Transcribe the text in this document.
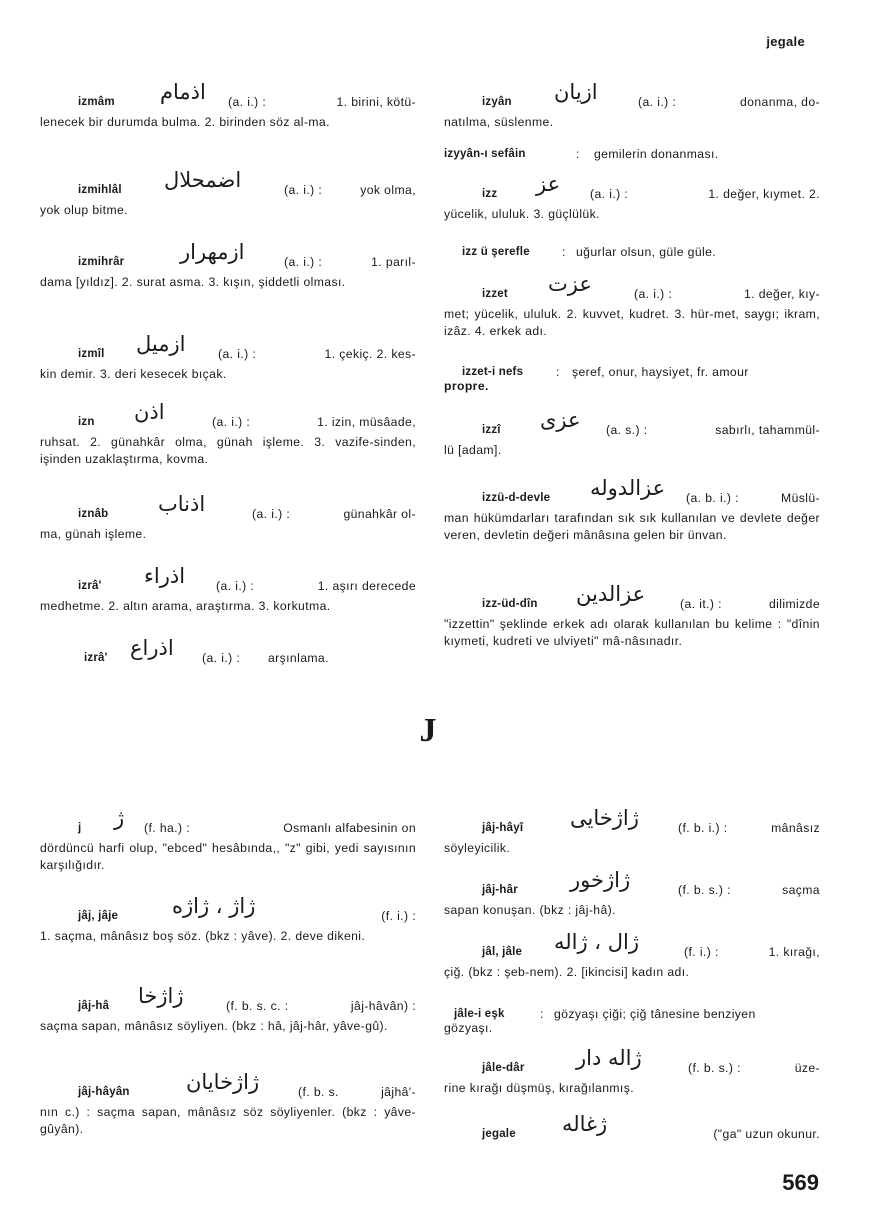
jegale
izmâm اذمام (a. i.) :	1. birini, kötü-
lenecek bir durumda bulma. 2. birinden söz al-ma.
izmihlâl اضمحلال	(a. i.) :	yok olma,
yok olup bitme.
izmihrâr	ازمهرار	(a. i.) :	1. parıl-
dama [yıldız]. 2. surat asma. 3. kışın, şiddetli olması.
izmîl ازميل	(a. i.) :	1. çekiç. 2. kes-
kin demir. 3. deri kesecek bıçak.
izn اذن	(a. i.) :	1. izin, müsâade,
ruhsat. 2. günahkâr olma, günah işleme. 3. vazife-sinden, işinden uzaklaştırma, kovma.
iznâb اذناب	(a. i.) :	günahkâr ol-
ma, günah işleme.
izrâ' اذراء	(a. i.) :	1. aşırı derecede
medhetme. 2. altın arama, araştırma. 3. korkutma.
izrâ' اذراع (a. i.) : arşınlama.
izyân ازيان	(a. i.) :	donanma, do-
natılma, süslenme.
izyyân-ı sefâin	: gemilerin donanması.
izz عز (a. i.) :	1. değer, kıymet. 2.
yücelik, ululuk. 3. güçlülük.
izz ü şerefle	: uğurlar olsun, güle güle.
izzet عزت	(a. i.) :	1. değer, kıy-
met; yücelik, ululuk. 2. kuvvet, kudret. 3. hür-met, saygı; ikram, izâz. 4. erkek adı.
izzet-i nefs	: şeref, onur, haysiyet, fr. amour
propre.
izzî عزى (a. s.) :	sabırlı, tahammül-
lü [adam].
izzü-d-devle عزالدوله (a. b. i.) :	Müslü-
man hükümdarları tarafından sık sık kullanılan ve devlete değer veren, devletin değeri mânâsına gelen bir ünvan.
izz-üd-dîn عزالدين	(a. it.) :	dilimizde
"izzettin" şeklinde erkek adı olarak kullanılan bu kelime : "dînin kıymeti, kudreti ve ulviyeti" mâ-nâsınadır.
J
j ژ (f. ha.) :	Osmanlı alfabesinin on
dördüncü harfi olup, "ebced" hesâbında,, "z" gibi, yedi sayısının karşılığıdır.
jâj, jâje	ژاژ ، ژاژه	(f. i.) :
1. saçma, mânâsız boş söz. (bkz : yâve). 2. deve dikeni.
jâj-hâ ژاژخا	(f. b. s. c. :	jâj-hâvân) :
saçma sapan, mânâsız söyliyen. (bkz : hâ, jâj-hâr, yâve-gû).
jâj-hâyân	ژاژخايان	(f. b. s.	jâjhâ'-
nın c.) : saçma sapan, mânâsız söz söyliyenler. (bkz : yâve-gûyân).
jâj-hâyî ژاژخايى	(f. b. i.) :	mânâsız
söyleyicilik.
jâj-hâr ژاژخور	(f. b. s.) :	saçma
sapan konuşan. (bkz : jâj-hâ).
jâl, jâle ژال ، ژاله	(f. i.) :	1. kırağı,
çiğ. (bkz : şeb-nem). 2. [ikincisi] kadın adı.
jâle-i eşk	: gözyaşı çiği; çiğ tânesine benziyen
gözyaşı.
jâle-dâr ژاله دار	(f. b. s.) :	üze-
rine kırağı düşmüş, kırağılanmış.
jegale ژغاله	("ga" uzun okunur.
569
